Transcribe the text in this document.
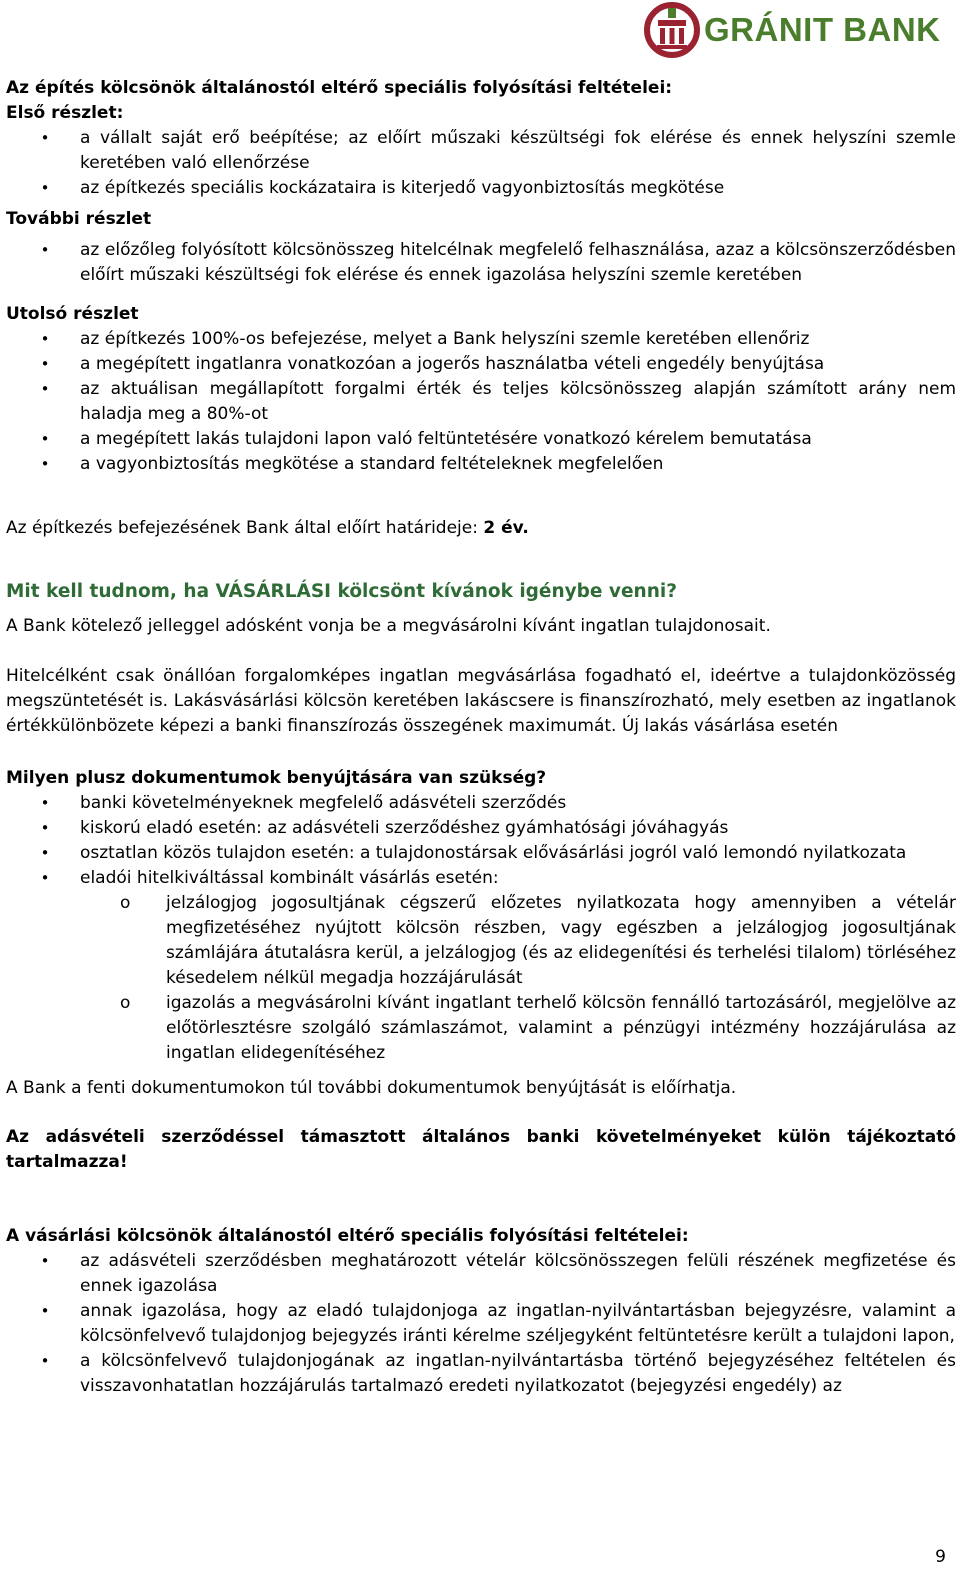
GRÁNIT BANK

Az építés kölcsönök általánostól eltérő speciális folyósítási feltételei:

Első részlet:

• a vállalt saját erő beépítése; az előírt műszaki készültségi fok elérése és ennek helyszíni szemle keretében való ellenőrzése
• az építkezés speciális kockázataira is kiterjedő vagyonbiztosítás megkötése

További részlet

• az előzőleg folyósított kölcsönösszeg hitelcélnak megfelelő felhasználása, azaz a kölcsönszerződésben előírt műszaki készültségi fok elérése és ennek igazolása helyszíni szemle keretében

Utolsó részlet

• az építkezés 100%-os befejezése, melyet a Bank helyszíni szemle keretében ellenőriz
• a megépített ingatlanra vonatkozóan a jogerős használatba vételi engedély benyújtása
• az aktuálisan megállapított forgalmi érték és teljes kölcsönösszeg alapján számított arány nem haladja meg a 80%-ot
• a megépített lakás tulajdoni lapon való feltüntetésére vonatkozó kérelem bemutatása
• a vagyonbiztosítás megkötése a standard feltételeknek megfelelően

Az építkezés befejezésének Bank által előírt határideje: 2 év.

Mit kell tudnom, ha VÁSÁRLÁSI kölcsönt kívánok igénybe venni?

A Bank kötelező jelleggel adósként vonja be a megvásárolni kívánt ingatlan tulajdonosait.

Hitelcélként csak önállóan forgalomképes ingatlan megvásárlása fogadható el, ideértve a tulajdonközösség megszüntetését is. Lakásvásárlási kölcsön keretében lakáscsere is finanszírozható, mely esetben az ingatlanok értékkülönbözete képezi a banki finanszírozás összegének maximumát. Új lakás vásárlása esetén

Milyen plusz dokumentumok benyújtására van szükség?

• banki követelményeknek megfelelő adásvételi szerződés
• kiskorú eladó esetén: az adásvételi szerződéshez gyámhatósági jóváhagyás
• osztatlan közös tulajdon esetén: a tulajdonostársak elővásárlási jogról való lemondó nyilatkozata
• eladói hitelkiváltással kombinált vásárlás esetén:
o jelzálogjog jogosultjának cégszerű előzetes nyilatkozata hogy amennyiben a vételár megfizetéséhez nyújtott kölcsön részben, vagy egészben a jelzálogjog jogosultjának számlájára átutalásra kerül, a jelzálogjog (és az elidegenítési és terhelési tilalom) törléséhez késedelem nélkül megadja hozzájárulását
o igazolás a megvásárolni kívánt ingatlant terhelő kölcsön fennálló tartozásáról, megjelölve az előtörlesztésre szolgáló számlaszámot, valamint a pénzügyi intézmény hozzájárulása az ingatlan elidegenítéséhez

A Bank a fenti dokumentumokon túl további dokumentumok benyújtását is előírhatja.

Az adásvételi szerződéssel támasztott általános banki követelményeket külön tájékoztató tartalmazza!

A vásárlási kölcsönök általánostól eltérő speciális folyósítási feltételei:

• az adásvételi szerződésben meghatározott vételár kölcsönösszegen felüli részének megfizetése és ennek igazolása
• annak igazolása, hogy az eladó tulajdonjoga az ingatlan-nyilvántartásban bejegyzésre, valamint a kölcsönfelvevő tulajdonjog bejegyzés iránti kérelme széljegyként feltüntetésre került a tulajdoni lapon,
• a kölcsönfelvevő tulajdonjogának az ingatlan-nyilvántartásba történő bejegyzéséhez feltételen és visszavonhatatlan hozzájárulás tartalmazó eredeti nyilatkozatot (bejegyzési engedély) az
9
